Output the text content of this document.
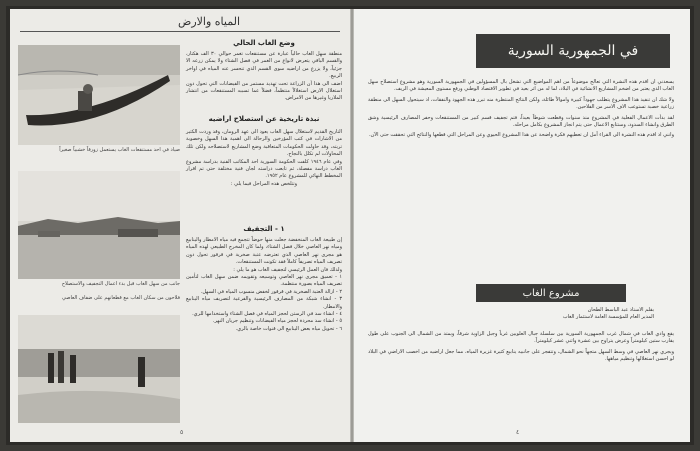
المياه والارض
صياد في احد مستنقعات الغاب يستعمل زورقاً خشبياً صغيراً
جانب من سهل الغاب قبل بدء اعمال التجفيف والاستصلاح
فلاحون من سكان الغاب مع قطعانهم على ضفاف العاصي
وضع الغاب الحالي

منطقة سهل الغاب حالياً عبارة عن مستنقعات تغمر حوالي ٣٠ الف هكتار، والقسم الباقي يتعرض لانواع من الغمر في فصل الشتاء ولا يمكن زرعه الا جزئياً، ولا يزرع من اراضيه سوى القسم الذي تنحسر عنه المياه في اواخر الربيع.

اضف الى هذا أن الزراعة تحت تهديد مستمر من الفيضانات التي تحول دون استغلال الارض استغلالاً منتظماً، فضلاً عما تسببه المستنقعات من انتشار الملاريا وغيرها من الامراض.

نبذة تاريخية عن استصلاح اراضيه

التاريخ القديم لاستغلال سهل الغاب يعود الى عهد الرومان، وقد وردت الكثير من الاشارات في كتب المؤرخين والرحالة الى اهمية هذا السهل وخصوبة تربته، وقد حاولت الحكومات المتعاقبة وضع المشاريع لاستصلاحه ولكن تلك المحاولات لم تكلل بالنجاح.

وفي عام ١٩٤٦ كلفت الحكومة السورية احد المكاتب الفنية بدراسة مشروع الغاب دراسة مفصلة، ثم تابعت دراسته لجان فنية مختلفة حتى تم اقرار المخطط النهائي للمشروع عام ١٩٥٢.

وتتلخص هذه المراحل فيما يلي :

١ - التجفيف

إن طبيعة الغاب المنخفضة جعلت منها حوضاً تتجمع فيه مياه الامطار والينابيع ومياه نهر العاصي خلال فصل الشتاء، ولما كان المخرج الطبيعي لهذه المياه هو مجرى نهر العاصي الذي تعترضه عتبة صخرية في قرقور تحول دون تصريف المياه تصريفاً كاملاً فقد تكونت المستنقعات.

ولذلك فان العمل الرئيسي لتجفيف الغاب هو ما يلي :

١ - تعميق مجرى نهر العاصي وتوسيعه وتقويمه ضمن سهل الغاب لتأمين تصريف المياه بصورة منتظمة.

٢ - ازالة العتبة الصخرية في قرقور لخفض منسوب المياه في السهل.

٣ - انشاء شبكة من المصارف الرئيسية والفرعية لتصريف مياه الينابيع والامطار.

٤ - انشاء سد في الرستن لحجز المياه في فصل الشتاء واستخدامها للري.

٥ - انشاء سد محردة لحجز مياه الفيضانات وتنظيم جريان النهر.

٦ - تحويل مياه بعض الينابيع الى قنوات خاصة بالري.

٥
في الجمهورية السورية

يسعدني ان اقدم هذه النشرة التي تعالج موضوعاً من اهم المواضيع التي تشغل بال المسؤولين في الجمهورية السورية وهو مشروع استصلاح سهل الغاب الذي يعتبر من اضخم المشاريع الانشائية في البلاد، لما له من اثر بعيد في تطوير الاقتصاد الوطني ورفع مستوى المعيشة في الريف.

ولا شك ان تنفيذ هذا المشروع يتطلب جهوداً كبيرة واموالاً طائلة، ولكن النتائج المنتظرة منه تبرر هذه الجهود والنفقات، اذ سيتحول السهل الى منطقة زراعية خصبة تستوعب الاف الاسر من الفلاحين.

لقد بدأت الاعمال الفعلية في المشروع منذ سنوات وقطعت شوطاً بعيداً، فتم تجفيف قسم كبير من المستنقعات وحفر المصارف الرئيسية وشق الطرق وانشاء السدود، وستتابع الاعمال حتى يتم انجاز المشروع بكامل مراحله.

وانني اذ اقدم هذه النشرة الى القراء آمل ان تعطيهم فكرة واضحة عن هذا المشروع الحيوي وعن المراحل التي قطعها والنتائج التي تحققت حتى الآن.

مشروع الغاب
بقلم الاستاذ عبد الباسط الطحان
المدير العام للمؤسسة العامة لاستثمار الغاب

يقع وادي الغاب في شمال غرب الجمهورية السورية بين سلسلة جبال العلويين غرباً وجبل الزاوية شرقاً، ويمتد من الشمال الى الجنوب على طول يقارب ستين كيلومتراً وعرض يتراوح بين عشرة واثني عشر كيلومتراً.

ويجري نهر العاصي في وسط السهل متجهاً نحو الشمال، وتتفجر على جانبيه ينابيع كثيرة غزيرة المياه، مما جعل اراضيه من اخصب الاراضي في البلاد لو احسن استغلالها وتنظيم مياهها.

٤
